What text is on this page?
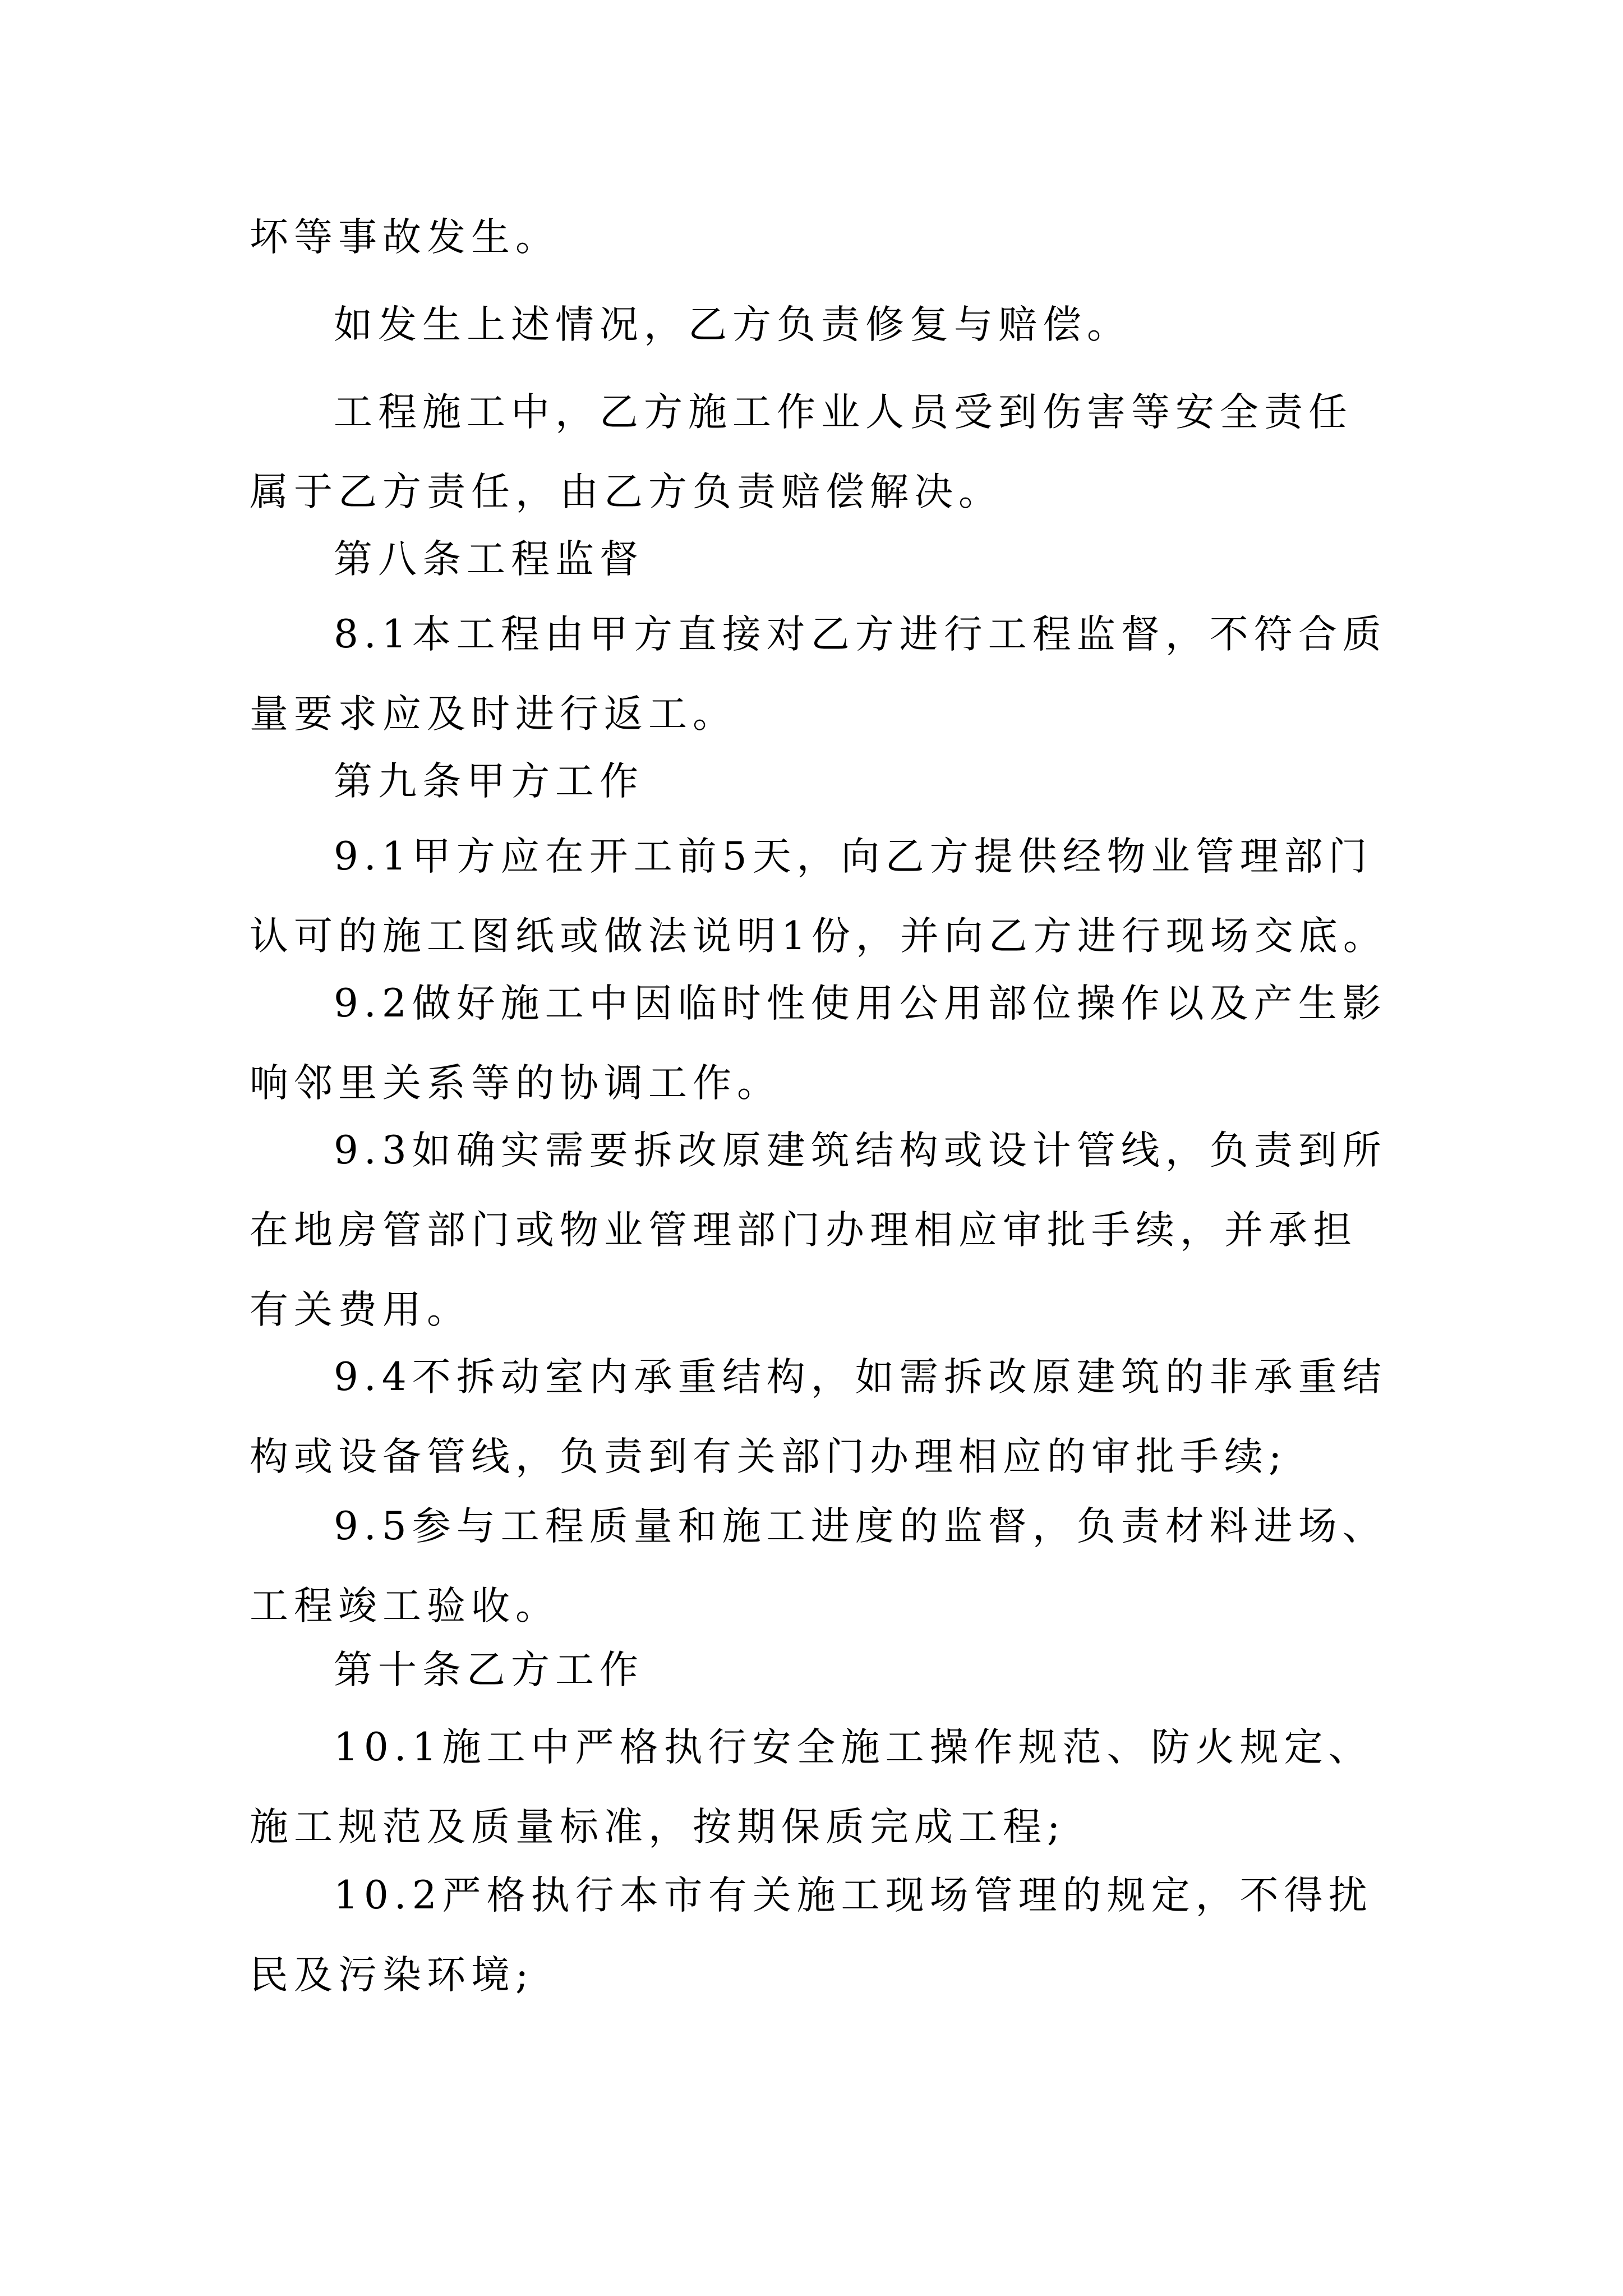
坏等事故发生。

如发生上述情况，乙方负责修复与赔偿。

工程施工中，乙方施工作业人员受到伤害等安全责任属于乙方责任，由乙方负责赔偿解决。

第八条工程监督

8.1本工程由甲方直接对乙方进行工程监督，不符合质量要求应及时进行返工。

第九条甲方工作

9.1甲方应在开工前5天，向乙方提供经物业管理部门认可的施工图纸或做法说明1份，并向乙方进行现场交底。

9.2做好施工中因临时性使用公用部位操作以及产生影响邻里关系等的协调工作。

9.3如确实需要拆改原建筑结构或设计管线，负责到所在地房管部门或物业管理部门办理相应审批手续，并承担有关费用。

9.4不拆动室内承重结构，如需拆改原建筑的非承重结构或设备管线，负责到有关部门办理相应的审批手续;

9.5参与工程质量和施工进度的监督，负责材料进场、工程竣工验收。

第十条乙方工作

10.1施工中严格执行安全施工操作规范、防火规定、施工规范及质量标准，按期保质完成工程;

10.2严格执行本市有关施工现场管理的规定，不得扰民及污染环境;
